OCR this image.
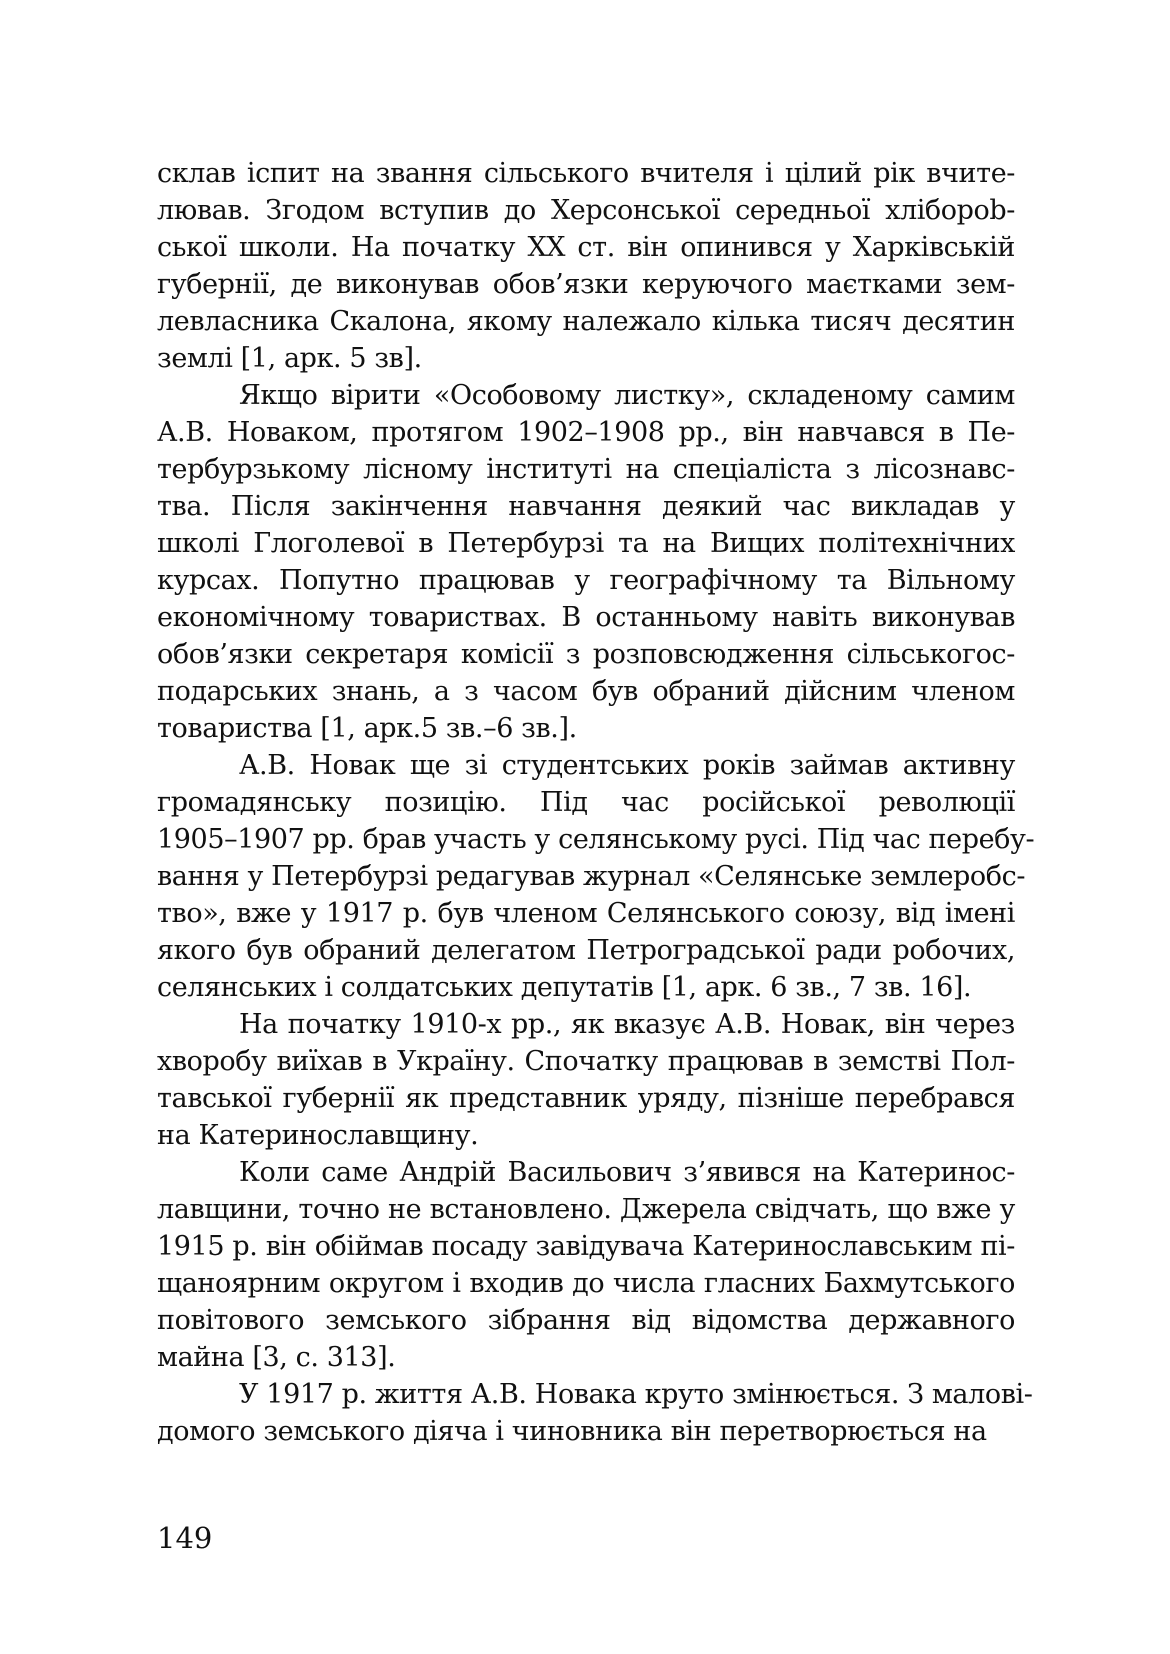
склав іспит на звання сільського вчителя і цілий рік вчите-
лював. Згодом вступив до Херсонської середньої хліборob-
ської школи. На початку ХХ ст. він опинився у Харківській
губернії, де виконував обов’язки керуючого маєтками зем-
левласника Скалона, якому належало кілька тисяч десятин
землі [1, арк. 5 зв].
Якщо вірити «Особовому листку», складеному самим
А.В. Новаком, протягом 1902–1908 рр., він навчався в Пе-
тербурзькому лісному інституті на спеціаліста з лісознавс-
тва. Після закінчення навчання деякий час викладав у
школі Глоголевої в Петербурзі та на Вищих політехнічних
курсах. Попутно працював у географічному та Вільному
економічному товариствах. В останньому навіть виконував
обов’язки секретаря комісії з розповсюдження сільськогос-
подарських знань, а з часом був обраний дійсним членом
товариства [1, арк.5 зв.–6 зв.].
А.В. Новак ще зі студентських років займав активну
громадянську позицію. Під час російської революції
1905–1907 рр. брав участь у селянському русі. Під час перебу-
вання у Петербурзі редагував журнал «Селянське землеробс-
тво», вже у 1917 р. був членом Селянського союзу, від імені
якого був обраний делегатом Петроградської ради робочих,
селянських і солдатських депутатів [1, арк. 6 зв., 7 зв. 16].
На початку 1910-х рр., як вказує А.В. Новак, він через
хворобу виїхав в Україну. Спочатку працював в земстві Пол-
тавської губернії як представник уряду, пізніше перебрався
на Катеринославщину.
Коли саме Андрій Васильович з’явився на Катеринос-
лавщини, точно не встановлено. Джерела свідчать, що вже у
1915 р. він обіймав посаду завідувача Катеринославським пі-
щаноярним округом і входив до числа гласних Бахмутського
повітового земського зібрання від відомства державного
майна [3, с. 313].
У 1917 р. життя А.В. Новака круто змінюється. З малові-
домого земського діяча і чиновника він перетворюється на
149
